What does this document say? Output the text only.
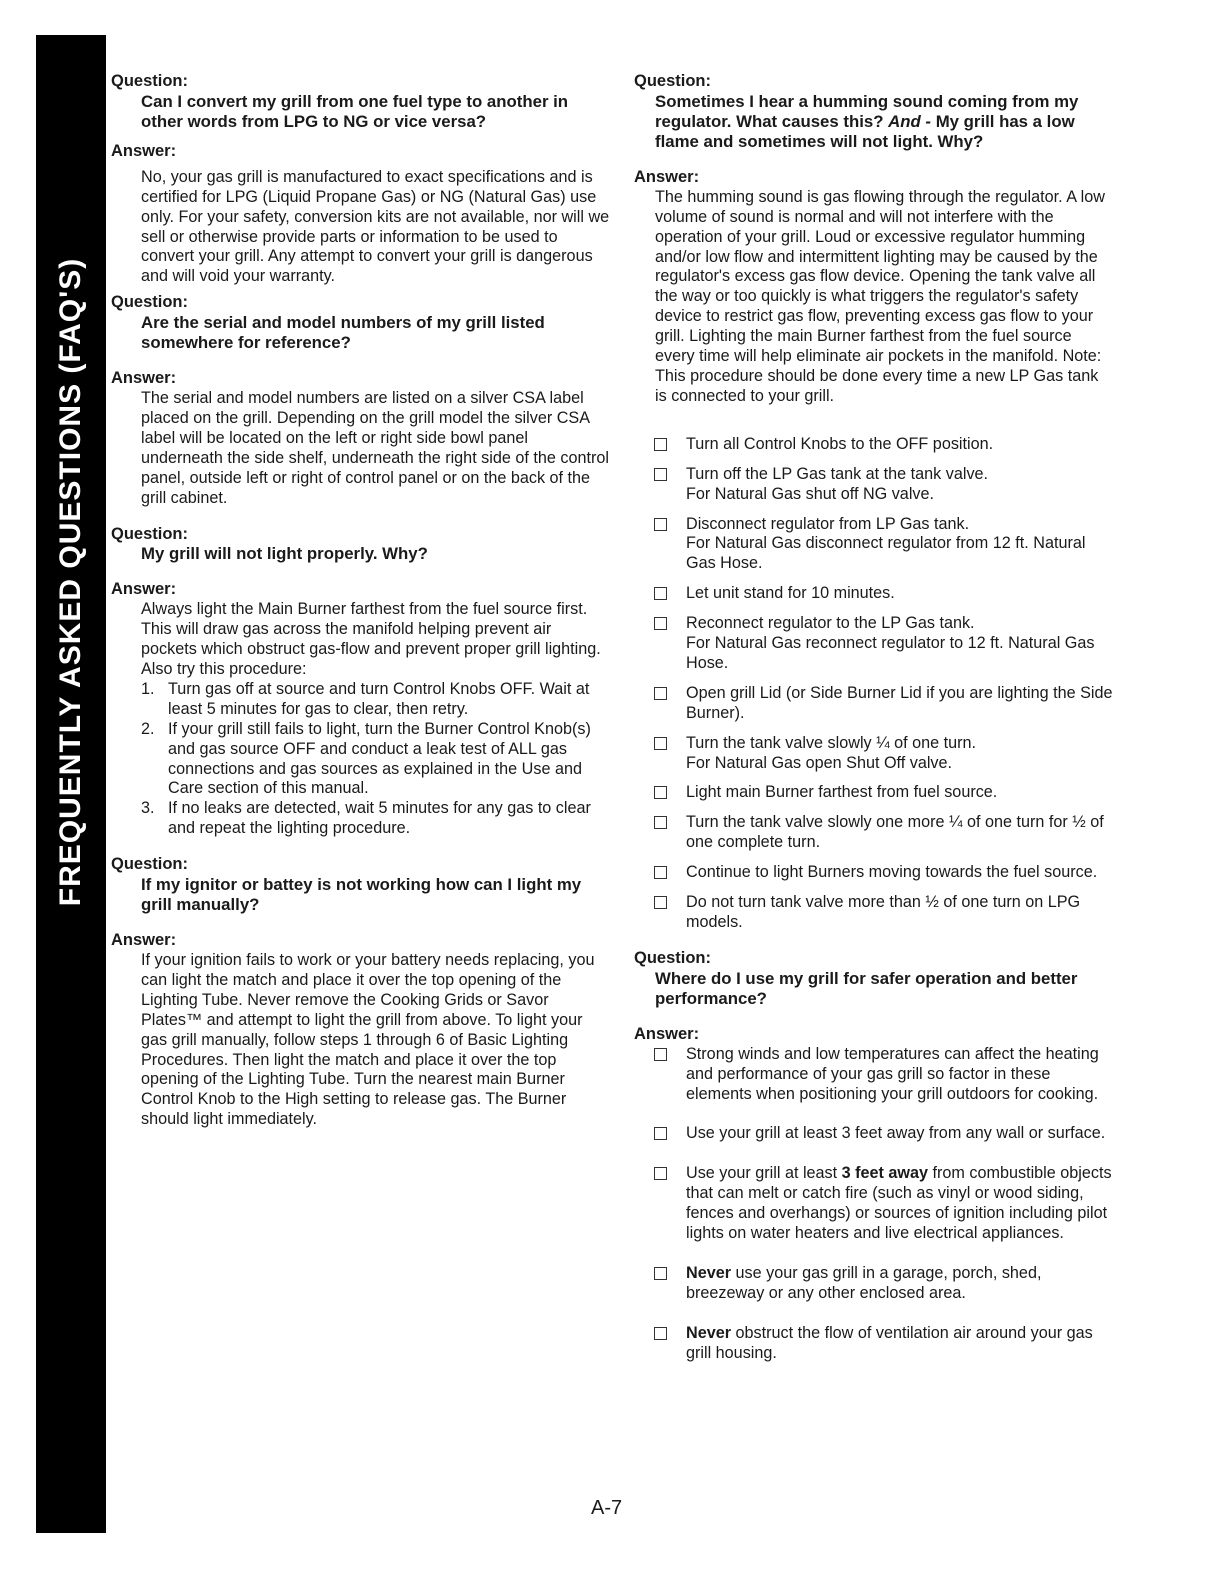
FREQUENTLY ASKED QUESTIONS (FAQ'S)
Question:
Can I convert my grill from one fuel type to another in other words from LPG to NG or vice versa?
Answer:
No, your gas grill is manufactured to exact specifications and is certified for LPG (Liquid Propane Gas) or NG (Natural Gas) use only. For your safety, conversion kits are not available, nor will we sell or otherwise provide parts or information to be used to convert your grill. Any attempt to convert your grill is dangerous and will void your warranty.
Question:
Are the serial and model numbers of my grill listed somewhere for reference?
Answer:
The serial and model numbers are listed on a silver CSA label placed on the grill. Depending on the grill model the silver CSA label will be located on the left or right side bowl panel underneath the side shelf, underneath the right side of the control panel, outside left or right of control panel or on the back of the grill cabinet.
Question:
My grill will not light properly. Why?
Answer:
Always light the Main Burner farthest from the fuel source first. This will draw gas across the manifold helping prevent air pockets which obstruct gas-flow and prevent proper grill lighting. Also try this procedure:
1. Turn gas off at source and turn Control Knobs OFF. Wait at least 5 minutes for gas to clear, then retry.
2. If your grill still fails to light, turn the Burner Control Knob(s) and gas source OFF and conduct a leak test of ALL gas connections and gas sources as explained in the Use and Care section of this manual.
3. If no leaks are detected, wait 5 minutes for any gas to clear and repeat the lighting procedure.
Question:
If my ignitor or battey is not working how can I light my grill manually?
Answer:
If your ignition fails to work or your battery needs replacing, you can light the match and place it over the top opening of the Lighting Tube. Never remove the Cooking Grids or Savor Plates™ and attempt to light the grill from above. To light your gas grill manually, follow steps 1 through 6 of Basic Lighting Procedures. Then light the match and place it over the top opening of the Lighting Tube. Turn the nearest main Burner Control Knob to the High setting to release gas. The Burner should light immediately.
Question:
Sometimes I hear a humming sound coming from my regulator. What causes this? And - My grill has a low flame and sometimes will not light. Why?
Answer:
The humming sound is gas flowing through the regulator. A low volume of sound is normal and will not interfere with the operation of your grill. Loud or excessive regulator humming and/or low flow and intermittent lighting may be caused by the regulator's excess gas flow device. Opening the tank valve all the way or too quickly is what triggers the regulator's safety device to restrict gas flow, preventing excess gas flow to your grill. Lighting the main Burner farthest from the fuel source every time will help eliminate air pockets in the manifold. Note: This procedure should be done every time a new LP Gas tank is connected to your grill.
Turn all Control Knobs to the OFF position.
Turn off the LP Gas tank at the tank valve.
For Natural Gas shut off NG valve.
Disconnect regulator from LP Gas tank.
For Natural Gas disconnect regulator from 12 ft. Natural Gas Hose.
Let unit stand for 10 minutes.
Reconnect regulator to the LP Gas tank.
For Natural Gas reconnect regulator to 12 ft. Natural Gas Hose.
Open grill Lid (or Side Burner Lid if you are lighting the Side Burner).
Turn the tank valve slowly ¼ of one turn.
For Natural Gas open Shut Off valve.
Light main Burner farthest from fuel source.
Turn the tank valve slowly one more ¼ of one turn for ½ of one complete turn.
Continue to light Burners moving towards the fuel source.
Do not turn tank valve more than ½ of one turn on LPG models.
Question:
Where do I use my grill for safer operation and better performance?
Answer:
Strong winds and low temperatures can affect the heating and performance of your gas grill so factor in these elements when positioning your grill outdoors for cooking.
Use your grill at least 3 feet away from any wall or surface.
Use your grill at least 3 feet away from combustible objects that can melt or catch fire (such as vinyl or wood siding, fences and overhangs) or sources of ignition including pilot lights on water heaters and live electrical appliances.
Never use your gas grill in a garage, porch, shed, breezeway or any other enclosed area.
Never obstruct the flow of ventilation air around your gas grill housing.
A-7
